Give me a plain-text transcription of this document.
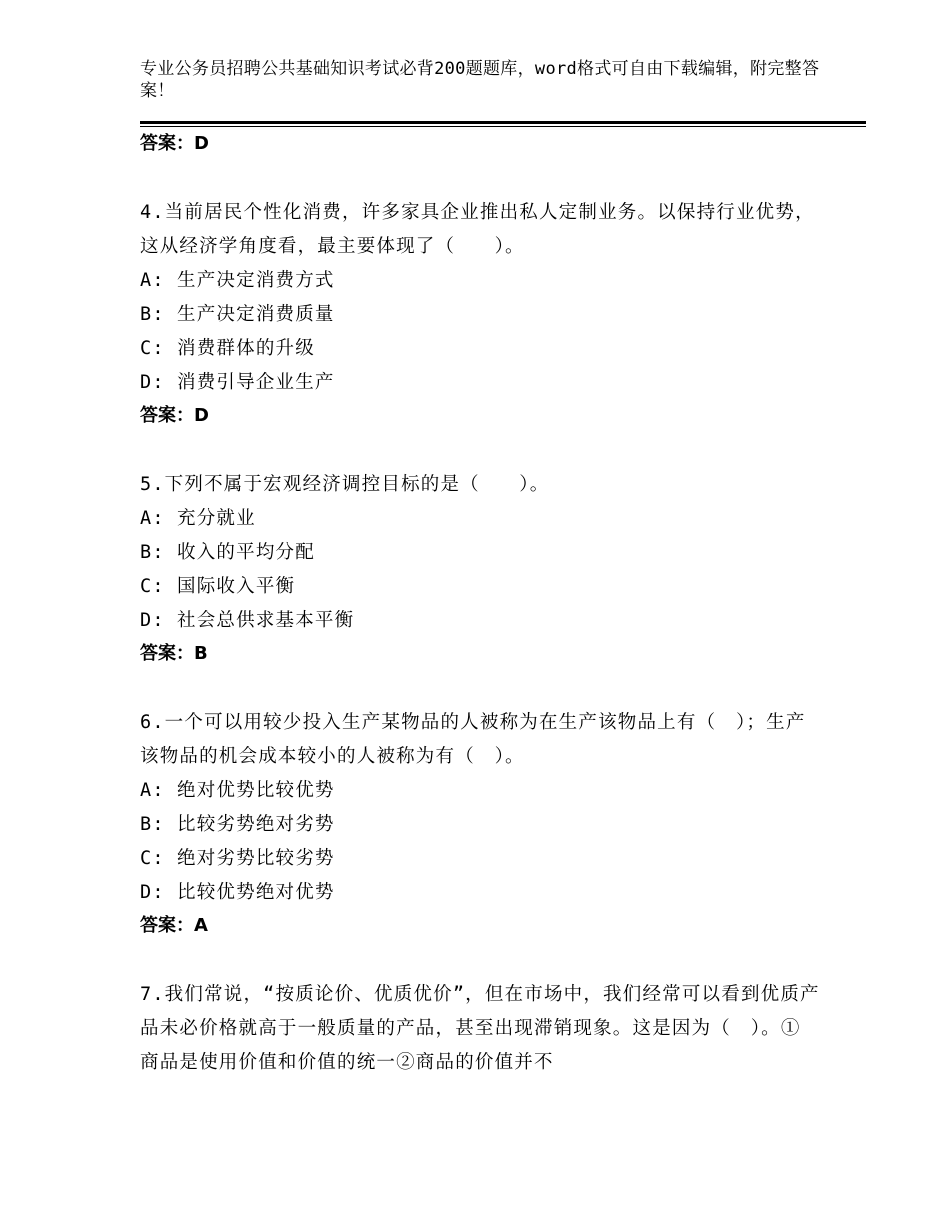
专业公务员招聘公共基础知识考试必背200题题库，word格式可自由下载编辑，附完整答案！
答案：D
4.当前居民个性化消费，许多家具企业推出私人定制业务。以保持行业优势，这从经济学角度看，最主要体现了（　　）。
A: 生产决定消费方式
B: 生产决定消费质量
C: 消费群体的升级
D: 消费引导企业生产
答案：D
5.下列不属于宏观经济调控目标的是（　　）。
A: 充分就业
B: 收入的平均分配
C: 国际收入平衡
D: 社会总供求基本平衡
答案：B
6.一个可以用较少投入生产某物品的人被称为在生产该物品上有（　）；生产该物品的机会成本较小的人被称为有（　）。
A: 绝对优势比较优势
B: 比较劣势绝对劣势
C: 绝对劣势比较劣势
D: 比较优势绝对优势
答案：A
7.我们常说，“按质论价、优质优价”，但在市场中，我们经常可以看到优质产品未必价格就高于一般质量的产品，甚至出现滞销现象。这是因为（　）。①商品是使用价值和价值的统一②商品的价值并不
